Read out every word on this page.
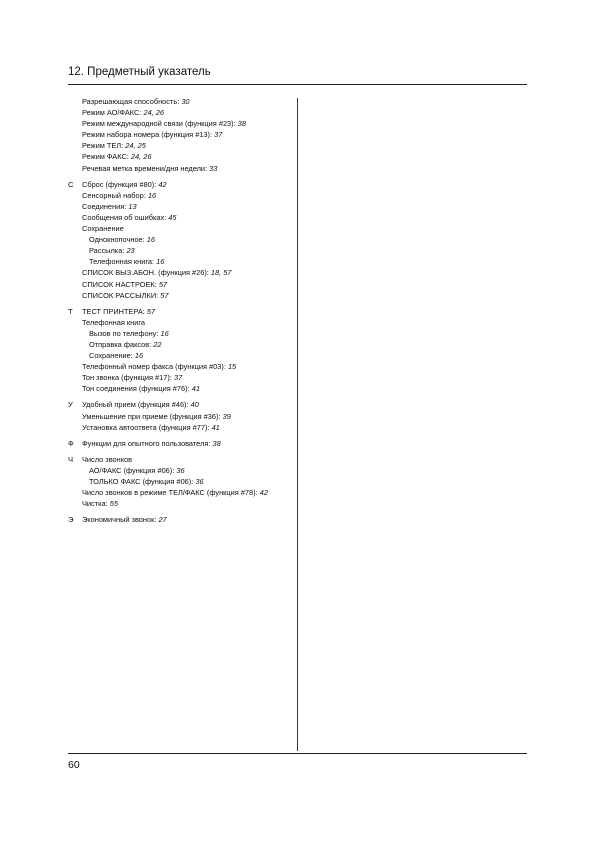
12. Предметный указатель
Разрешающая способность: 30
Режим АО/ФАКС: 24, 26
Режим международной связи (функция #23): 38
Режим набора номера (функция #13): 37
Режим ТЕЛ: 24, 25
Режим ФАКС: 24, 26
Речевая метка времени/дня недели: 33
С Сброс (функция #80): 42
Сенсорный набор: 16
Соединения: 13
Сообщения об ошибках: 45
Сохранение
Однокнопочное: 16
Рассылка: 23
Телефонная книга: 16
СПИСОК ВЫЗ.АБОН. (функция #26): 18, 57
СПИСОК НАСТРОЕК: 57
СПИСОК РАССЫЛКИ: 57
Т ТЕСТ ПРИНТЕРА: 57
Телефонная книга
Вызов по телефону: 16
Отправка факсов: 22
Сохранение: 16
Телефонный номер факса (функция #03): 15
Тон звонка (функция #17): 37
Тон соединения (функция #76): 41
У Удобный прием (функция #46): 40
Уменьшение при приеме (функция #36): 39
Установка автоответа (функция #77): 41
Ф Функции для опытного пользователя: 38
Ч Число звонков
АО/ФАКС (функция #06): 36
ТОЛЬКО ФАКС (функция #06): 36
Число звонков в режиме ТЕЛ/ФАКС (функция #78): 42
Чистка: 55
Э Экономичный звонок: 27
60
